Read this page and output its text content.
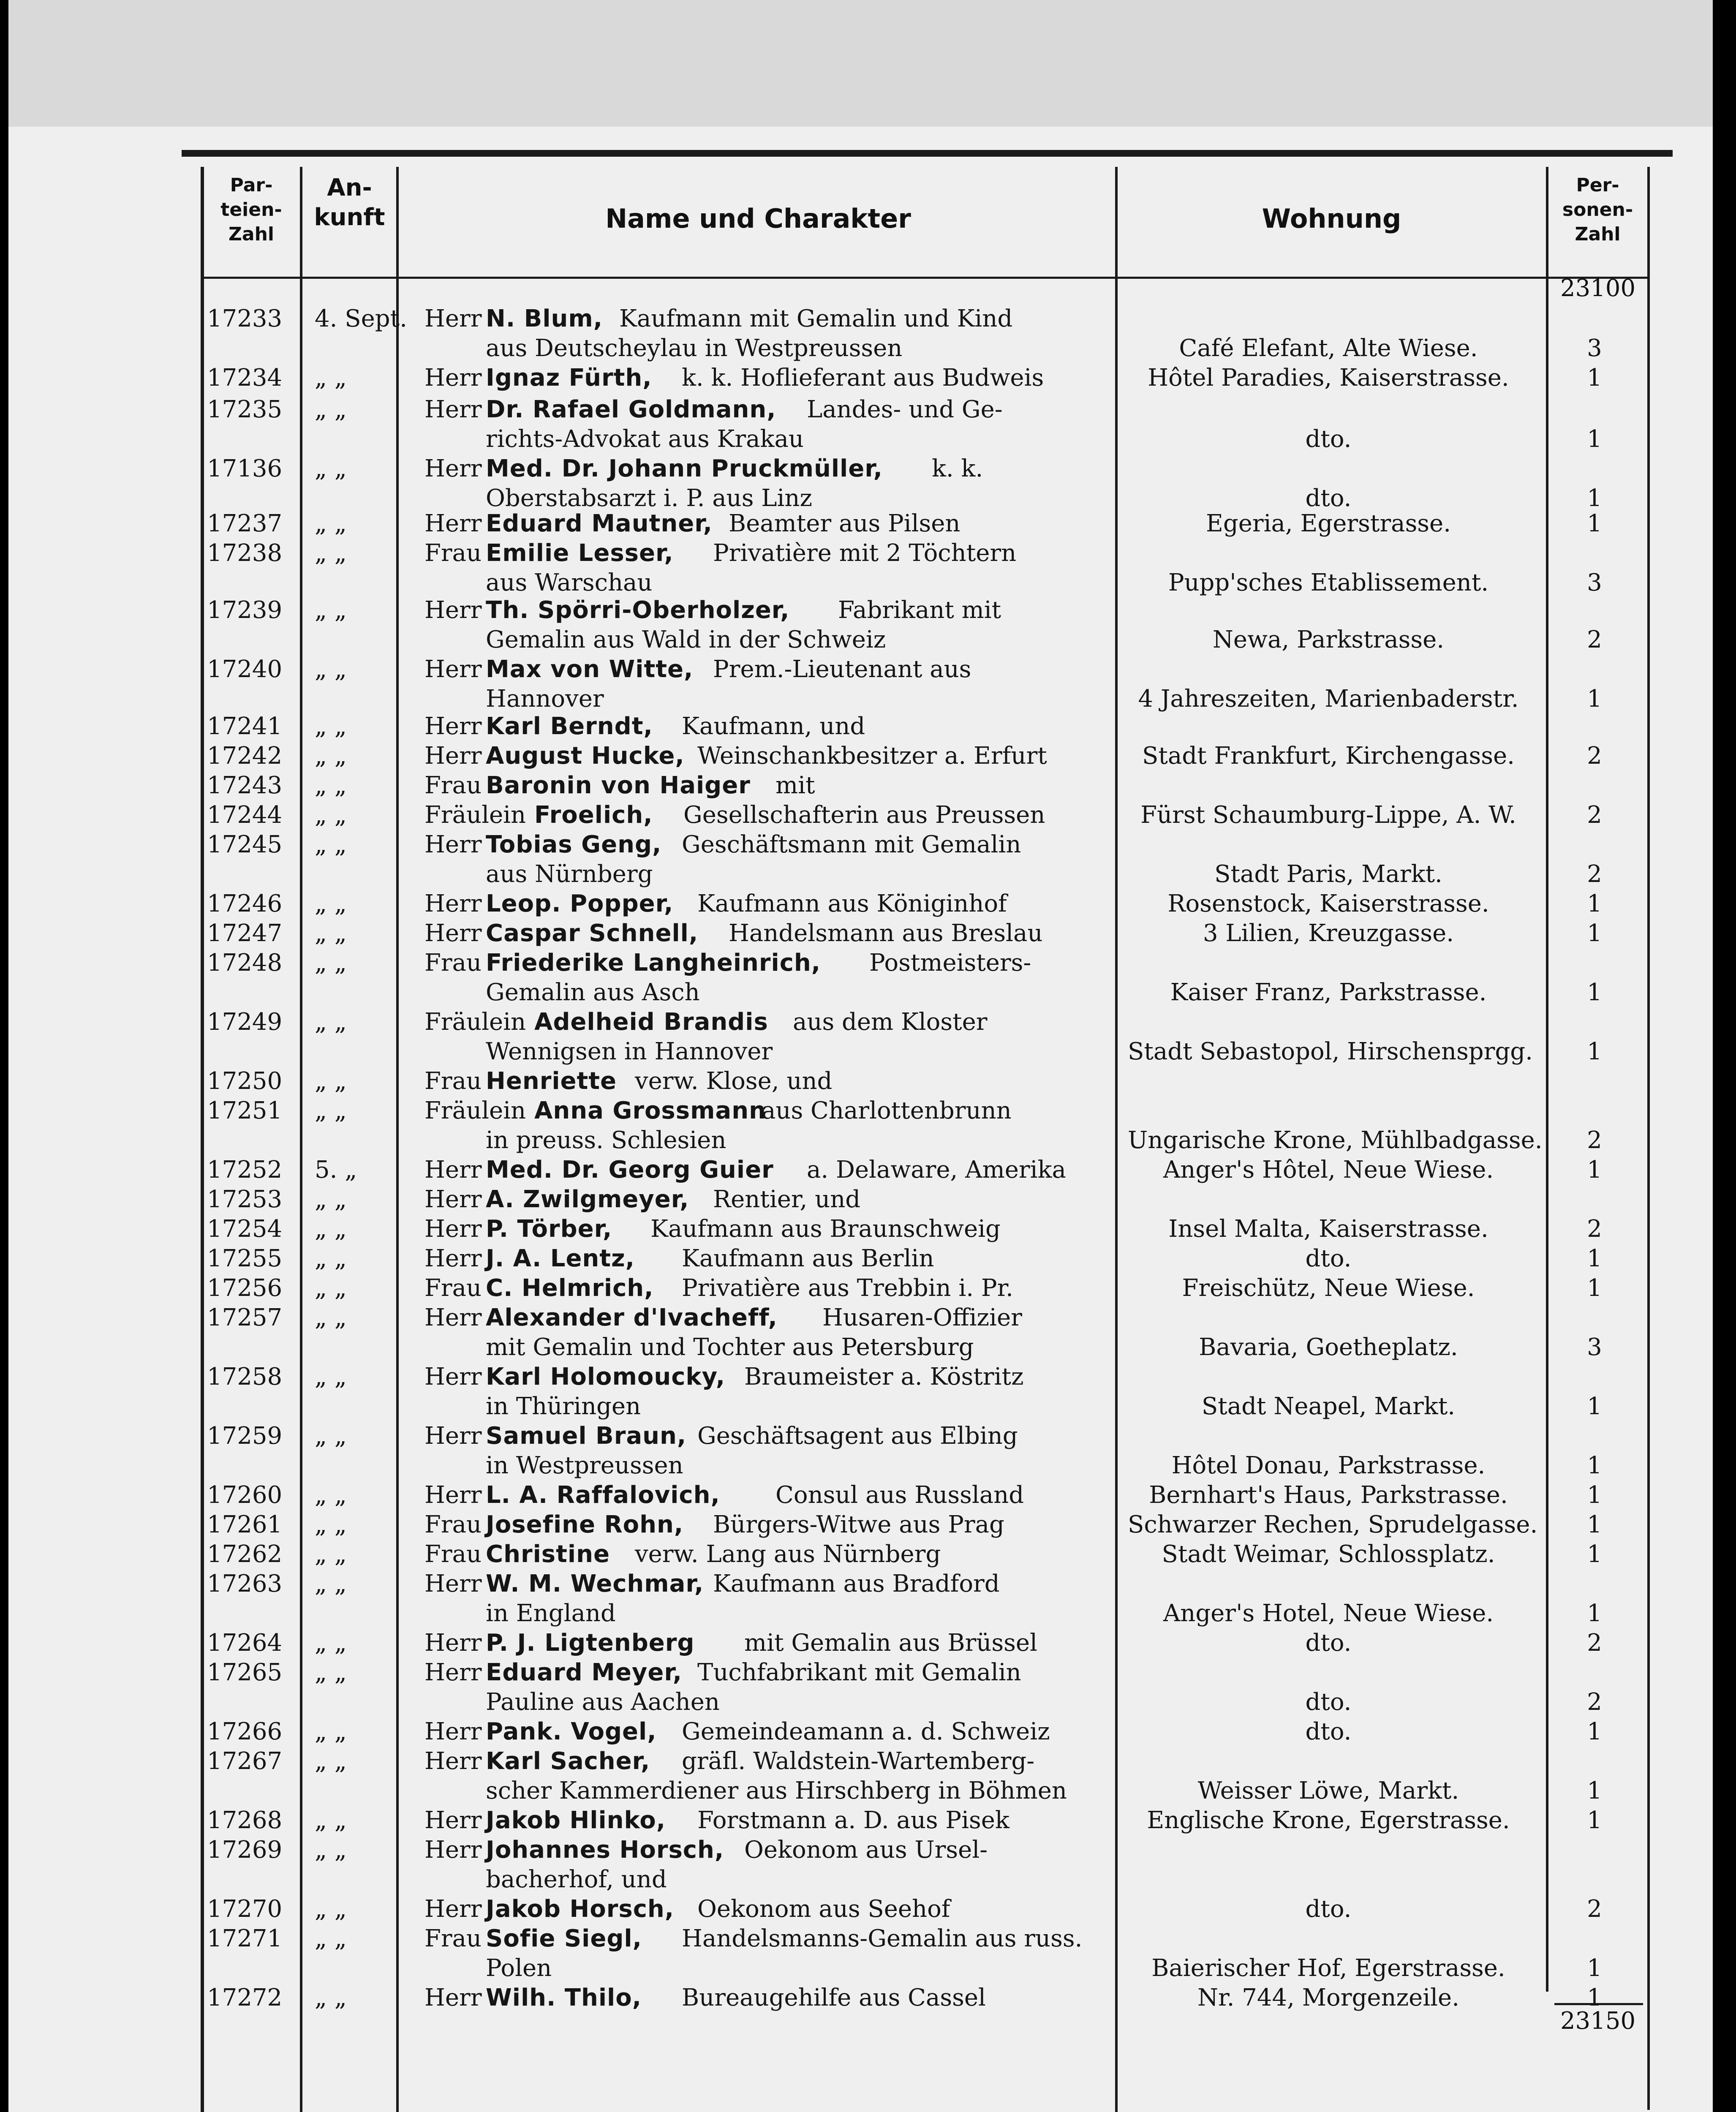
Par-
teien-
Zahl
An-
kunft	Name und Charakter	Wohnung
Per-
sonen-
Zahl
23100
23150
17233	4. Sept. Herr N. Blum, Kaufmann mit Gemalin und Kind
aus Deutscheylau in Westpreussen	Café Elefant, Alte Wiese.	3
17234	„ „	Herr Ignaz Fürth,	k. k. Hoflieferant aus Budweis	Hôtel Paradies, Kaiserstrasse.	1
17235	„ „	Herr Dr. Rafael Goldmann,	Landes- und Ge-
richts-Advokat aus Krakau	dto.	1
17136	„ „	Herr Med. Dr. Johann Pruckmüller,	k. k.
Oberstabsarzt i. P. aus Linz	dto.	1
17237	„ „	Herr Eduard Mautner, Beamter aus Pilsen	Egeria, Egerstrasse.	1
17238	„ „	Frau Emilie Lesser,	Privatière mit 2 Töchtern
aus Warschau	Pupp'sches Etablissement.	3
17239	„ „	Herr Th. Spörri-Oberholzer,	Fabrikant mit
Gemalin aus Wald in der Schweiz	Newa, Parkstrasse.	2
17240	„ „	Herr Max von Witte, Prem.-Lieutenant aus
Hannover	4 Jahreszeiten, Marienbaderstr.	1
17241	„ „	Herr Karl Berndt,	Kaufmann, und
17242	„ „	Herr August Hucke, Weinschankbesitzer a. Erfurt	Stadt Frankfurt, Kirchengasse.	2
17243	„ „	Frau Baronin von Haiger	mit
17244	„ „	Fräulein Froelich,	Gesellschafterin aus Preussen	Fürst Schaumburg-Lippe, A. W.	2
17245	„ „	Herr Tobias Geng, Geschäftsmann mit Gemalin
aus Nürnberg	Stadt Paris, Markt.	2
17246	„ „	Herr Leop. Popper,	Kaufmann aus Königinhof	Rosenstock, Kaiserstrasse.	1
17247	„ „	Herr Caspar Schnell,	Handelsmann aus Breslau	3 Lilien, Kreuzgasse.	1
17248	„ „	Frau Friederike Langheinrich,	Postmeisters-
Gemalin aus Asch	Kaiser Franz, Parkstrasse.	1
17249	„ „	Fräulein Adelheid Brandis	aus dem Kloster
Wennigsen in Hannover	Stadt Sebastopol, Hirschensprgg.	1
17250	„ „	Frau Henriette verw. Klose, und
17251	„ „	Fräulein Anna Grossmann
aus Charlottenbrunn
in preuss. Schlesien	Ungarische Krone, Mühlbadgasse.	2
17252	5. „	Herr Med. Dr. Georg Guier	a. Delaware, Amerika	Anger's Hôtel, Neue Wiese.	1
17253	„ „	Herr A. Zwilgmeyer,	Rentier, und
17254	„ „	Herr P. Törber,	Kaufmann aus Braunschweig	Insel Malta, Kaiserstrasse.	2
17255	„ „	Herr J. A. Lentz,	Kaufmann aus Berlin	dto.	1
17256	„ „	Frau C. Helmrich,	Privatière aus Trebbin i. Pr.	Freischütz, Neue Wiese.	1
17257	„ „	Herr Alexander d'Ivacheff,	Husaren-Offizier
mit Gemalin und Tochter aus Petersburg	Bavaria, Goetheplatz.	3
17258	„ „	Herr Karl Holomoucky, Braumeister a. Köstritz
in Thüringen	Stadt Neapel, Markt.	1
17259	„ „	Herr Samuel Braun, Geschäftsagent aus Elbing
in Westpreussen	Hôtel Donau, Parkstrasse.	1
17260	„ „	Herr L. A. Raffalovich,	Consul aus Russland	Bernhart's Haus, Parkstrasse.	1
17261	„ „	Frau Josefine Rohn,	Bürgers-Witwe aus Prag	Schwarzer Rechen, Sprudelgasse.	1
17262	„ „	Frau Christine	verw. Lang aus Nürnberg	Stadt Weimar, Schlossplatz.	1
17263	„ „	Herr W. M. Wechmar, Kaufmann aus Bradford
in England	Anger's Hotel, Neue Wiese.	1
17264	„ „	Herr P. J. Ligtenberg	mit Gemalin aus Brüssel	dto.	2
17265	„ „	Herr Eduard Meyer, Tuchfabrikant mit Gemalin
Pauline aus Aachen	dto.	2
17266	„ „	Herr Pank. Vogel,	Gemeindeamann a. d. Schweiz	dto.	1
17267	„ „	Herr Karl Sacher,	gräfl. Waldstein-Wartemberg-
scher Kammerdiener aus Hirschberg in Böhmen	Weisser Löwe, Markt.	1
17268	„ „	Herr Jakob Hlinko,	Forstmann a. D. aus Pisek	Englische Krone, Egerstrasse.	1
17269	„ „	Herr Johannes Horsch, Oekonom aus Ursel-
bacherhof, und
17270	„ „	Herr Jakob Horsch, Oekonom aus Seehof	dto.	2
17271	„ „	Frau Sofie Siegl,	Handelsmanns-Gemalin aus russ.
Polen	Baierischer Hof, Egerstrasse.	1
17272	„ „	Herr Wilh. Thilo,	Bureaugehilfe aus Cassel	Nr. 744, Morgenzeile.	1
